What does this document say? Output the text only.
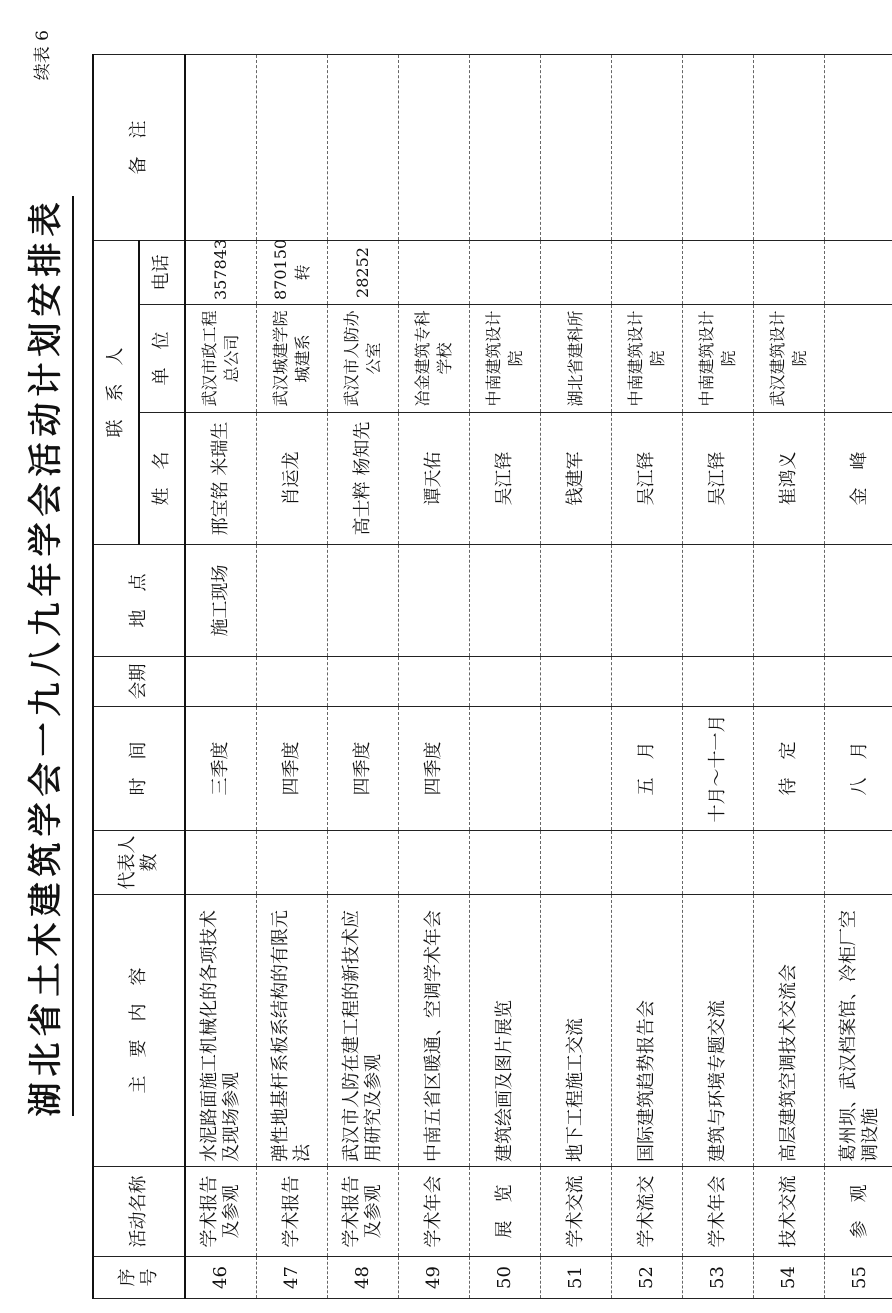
湖北省土木建筑学会一九八九年学会活动计划安排表
续表 6
序号	活动名称	主　要　内　容	代表人数	时　间	会期	地　点	联　系　人			备　注
							姓　名	单　位	电话	
46	学术报告及参观	水泥路面施工机械化的各项技术及现场参观		三季度		施工现场	邢宝铭 米瑞生	武汉市政工程总公司	357843	
47	学术报告	弹性地基杆系板系结构的有限元法		四季度			肖运龙	武汉城建学院城建系	870150转	
48	学术报告及参观	武汉市人防在建工程的新技术应用研究及参观		四季度			高士粹 杨知先	武汉市人防办公室	28252	
49	学术年会	中南五省区暖通、空调学术年会		四季度			谭天佑	冶金建筑专科学校		
50	展　览	建筑绘画及图片展览					吴江铎	中南建筑设计院		
51	学术交流	地下工程施工交流					钱建军	湖北省建科所		
52	学术流交	国际建筑趋势报告会		五　月			吴江铎	中南建筑设计院		
53	学术年会	建筑与环境专题交流		十月～十一月			吴江铎	中南建筑设计院		
54	技术交流	高层建筑空调技术交流会		待　定			崔鸿义	武汉建筑设计院		
55	参　观	葛州坝、武汉档案馆、冷柜厂空调设施		八　月			金　峰			
